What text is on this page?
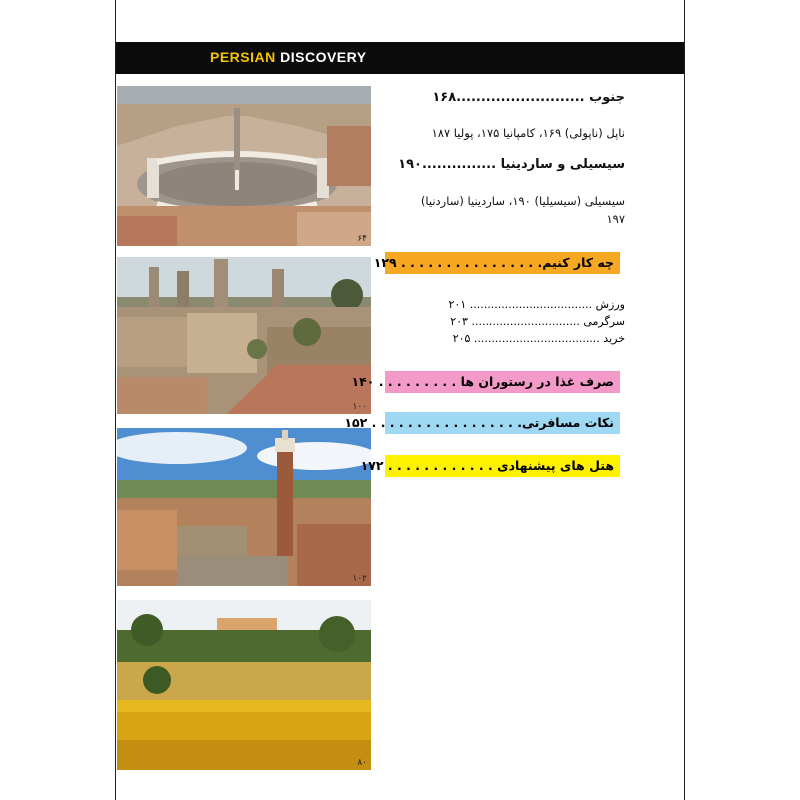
PERSIAN DISCOVERY
۶۴
۱۰۰
۱۰۲
۸۰
جنوب ..........................۱۶۸
ناپل (ناپولی) ۱۶۹، کامپانیا ۱۷۵، پولیا ۱۸۷
سیسیلی و ساردینیا ...............۱۹۰
سیسیلی (سیسیلیا) ۱۹۰، ساردینیا (ساردنیا)
۱۹۷
چه کار کنیم. . . . . . . . . . . . . . . . ۱۲۹
ورزش ................................... ۲۰۱
سرگرمی ............................... ۲۰۳
خرید .................................... ۲۰۵
صرف غذا در رستوران ها . . . . . . . . . ۱۴۰
نکات مسافرتی. . . . . . . . . . . . . . . . . ۱۵۲
هتل های پیشنهادی . . . . . . . . . . . . ۱۷۲
